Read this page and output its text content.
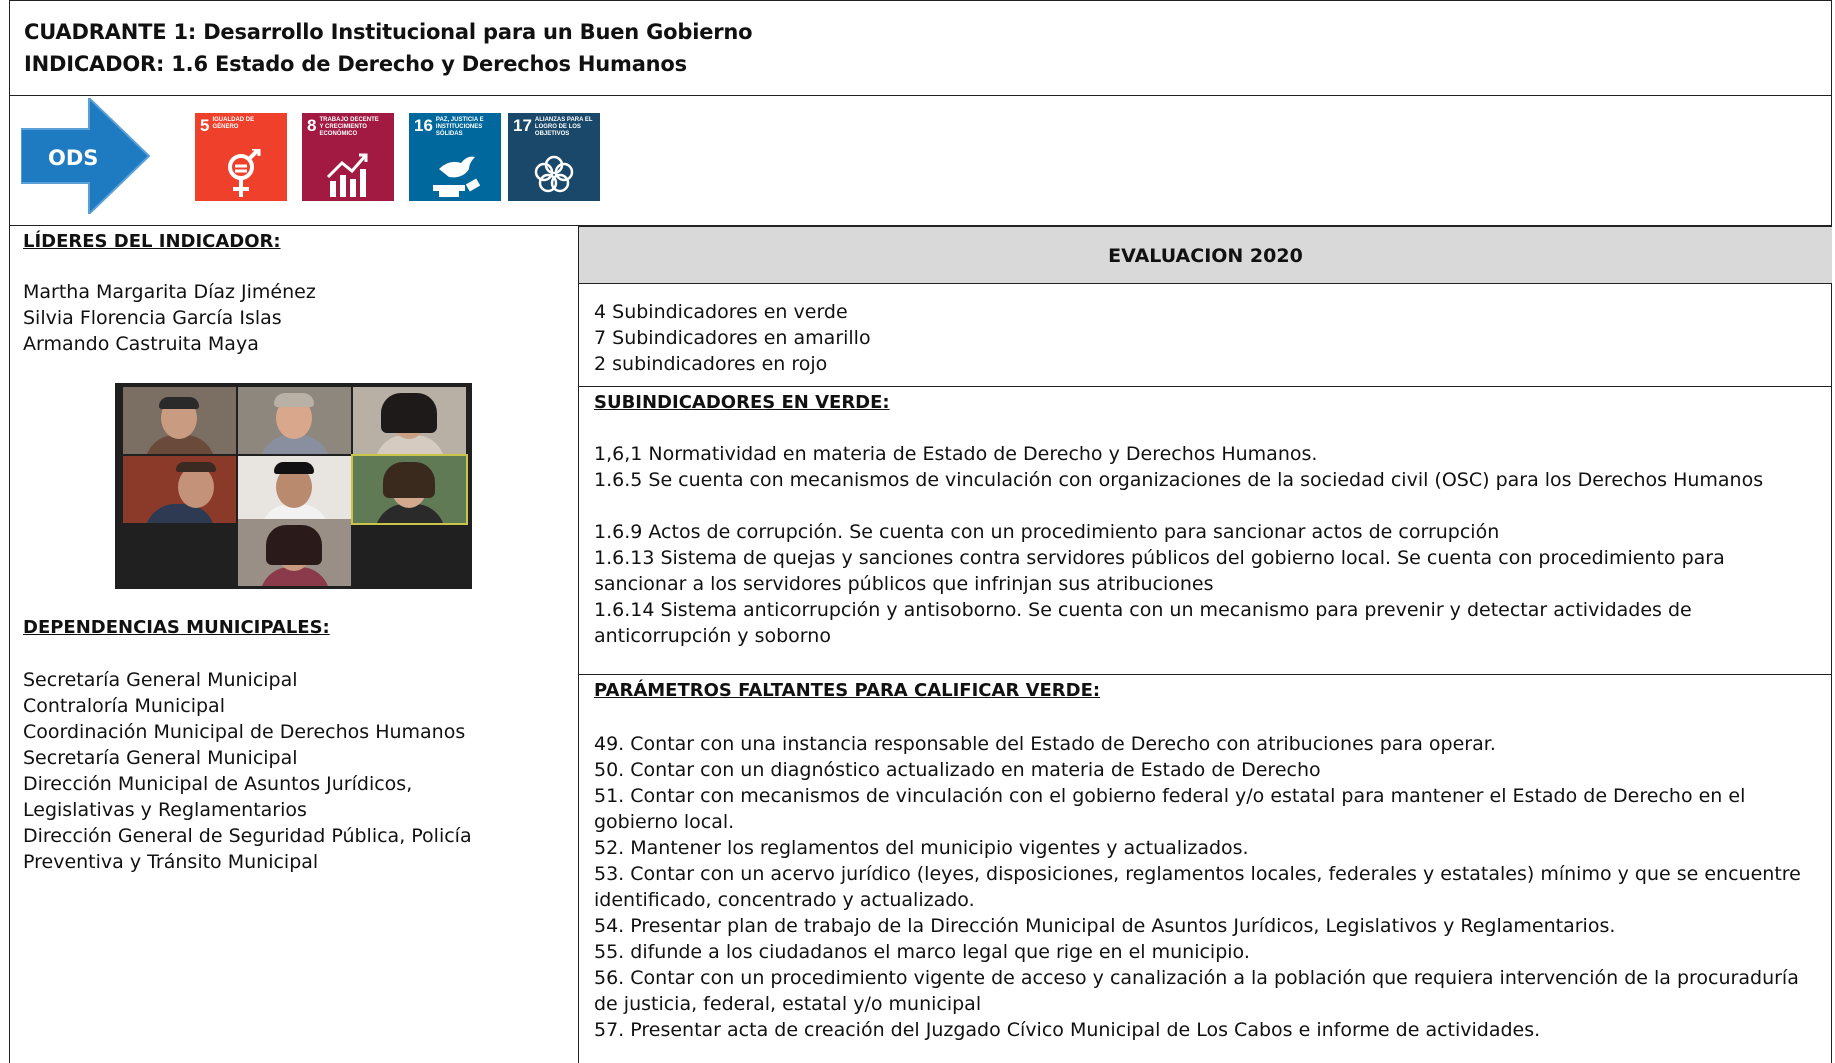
CUADRANTE 1: Desarrollo Institucional para un Buen Gobierno
INDICADOR: 1.6 Estado de Derecho y Derechos Humanos
ODS
5 IGUALDAD DE GÉNERO	8 TRABAJO DECENTE Y CRECIMIENTO ECONÓMICO	16 PAZ, JUSTICIA E INSTITUCIONES SÓLIDAS	17 ALIANZAS PARA EL LOGRO DE LOS OBJETIVOS
LÍDERES DEL INDICADOR:
Martha Margarita Díaz Jiménez
Silvia Florencia García Islas
Armando Castruita Maya
DEPENDENCIAS MUNICIPALES:
Secretaría General Municipal
Contraloría Municipal
Coordinación Municipal de Derechos Humanos
Secretaría General Municipal
Dirección Municipal de Asuntos Jurídicos,
Legislativas y Reglamentarios
Dirección General de Seguridad Pública, Policía
Preventiva y Tránsito Municipal
EVALUACION 2020
4 Subindicadores en verde
7 Subindicadores en amarillo
2 subindicadores en rojo
SUBINDICADORES EN VERDE:
1,6,1 Normatividad en materia de Estado de Derecho y Derechos Humanos.
1.6.5 Se cuenta con mecanismos de vinculación con organizaciones de la sociedad civil (OSC) para los Derechos Humanos
1.6.9 Actos de corrupción. Se cuenta con un procedimiento para sancionar actos de corrupción
1.6.13 Sistema de quejas y sanciones contra servidores públicos del gobierno local. Se cuenta con procedimiento para sancionar a los servidores públicos que infrinjan sus atribuciones
1.6.14 Sistema anticorrupción y antisoborno. Se cuenta con un mecanismo para prevenir y detectar actividades de anticorrupción y soborno
PARÁMETROS FALTANTES PARA CALIFICAR VERDE:
49. Contar con una instancia responsable del Estado de Derecho con atribuciones para operar.
50. Contar con un diagnóstico actualizado en materia de Estado de Derecho
51. Contar con mecanismos de vinculación con el gobierno federal y/o estatal para mantener el Estado de Derecho en el gobierno local.
52. Mantener los reglamentos del municipio vigentes y actualizados.
53. Contar con un acervo jurídico (leyes, disposiciones, reglamentos locales, federales y estatales) mínimo y que se encuentre identificado, concentrado y actualizado.
54. Presentar plan de trabajo de la Dirección Municipal de Asuntos Jurídicos, Legislativos y Reglamentarios.
55. difunde a los ciudadanos el marco legal que rige en el municipio.
56. Contar con un procedimiento vigente de acceso y canalización a la población que requiera intervención de la procuraduría de justicia, federal, estatal y/o municipal
57. Presentar acta de creación del Juzgado Cívico Municipal de Los Cabos e informe de actividades.
